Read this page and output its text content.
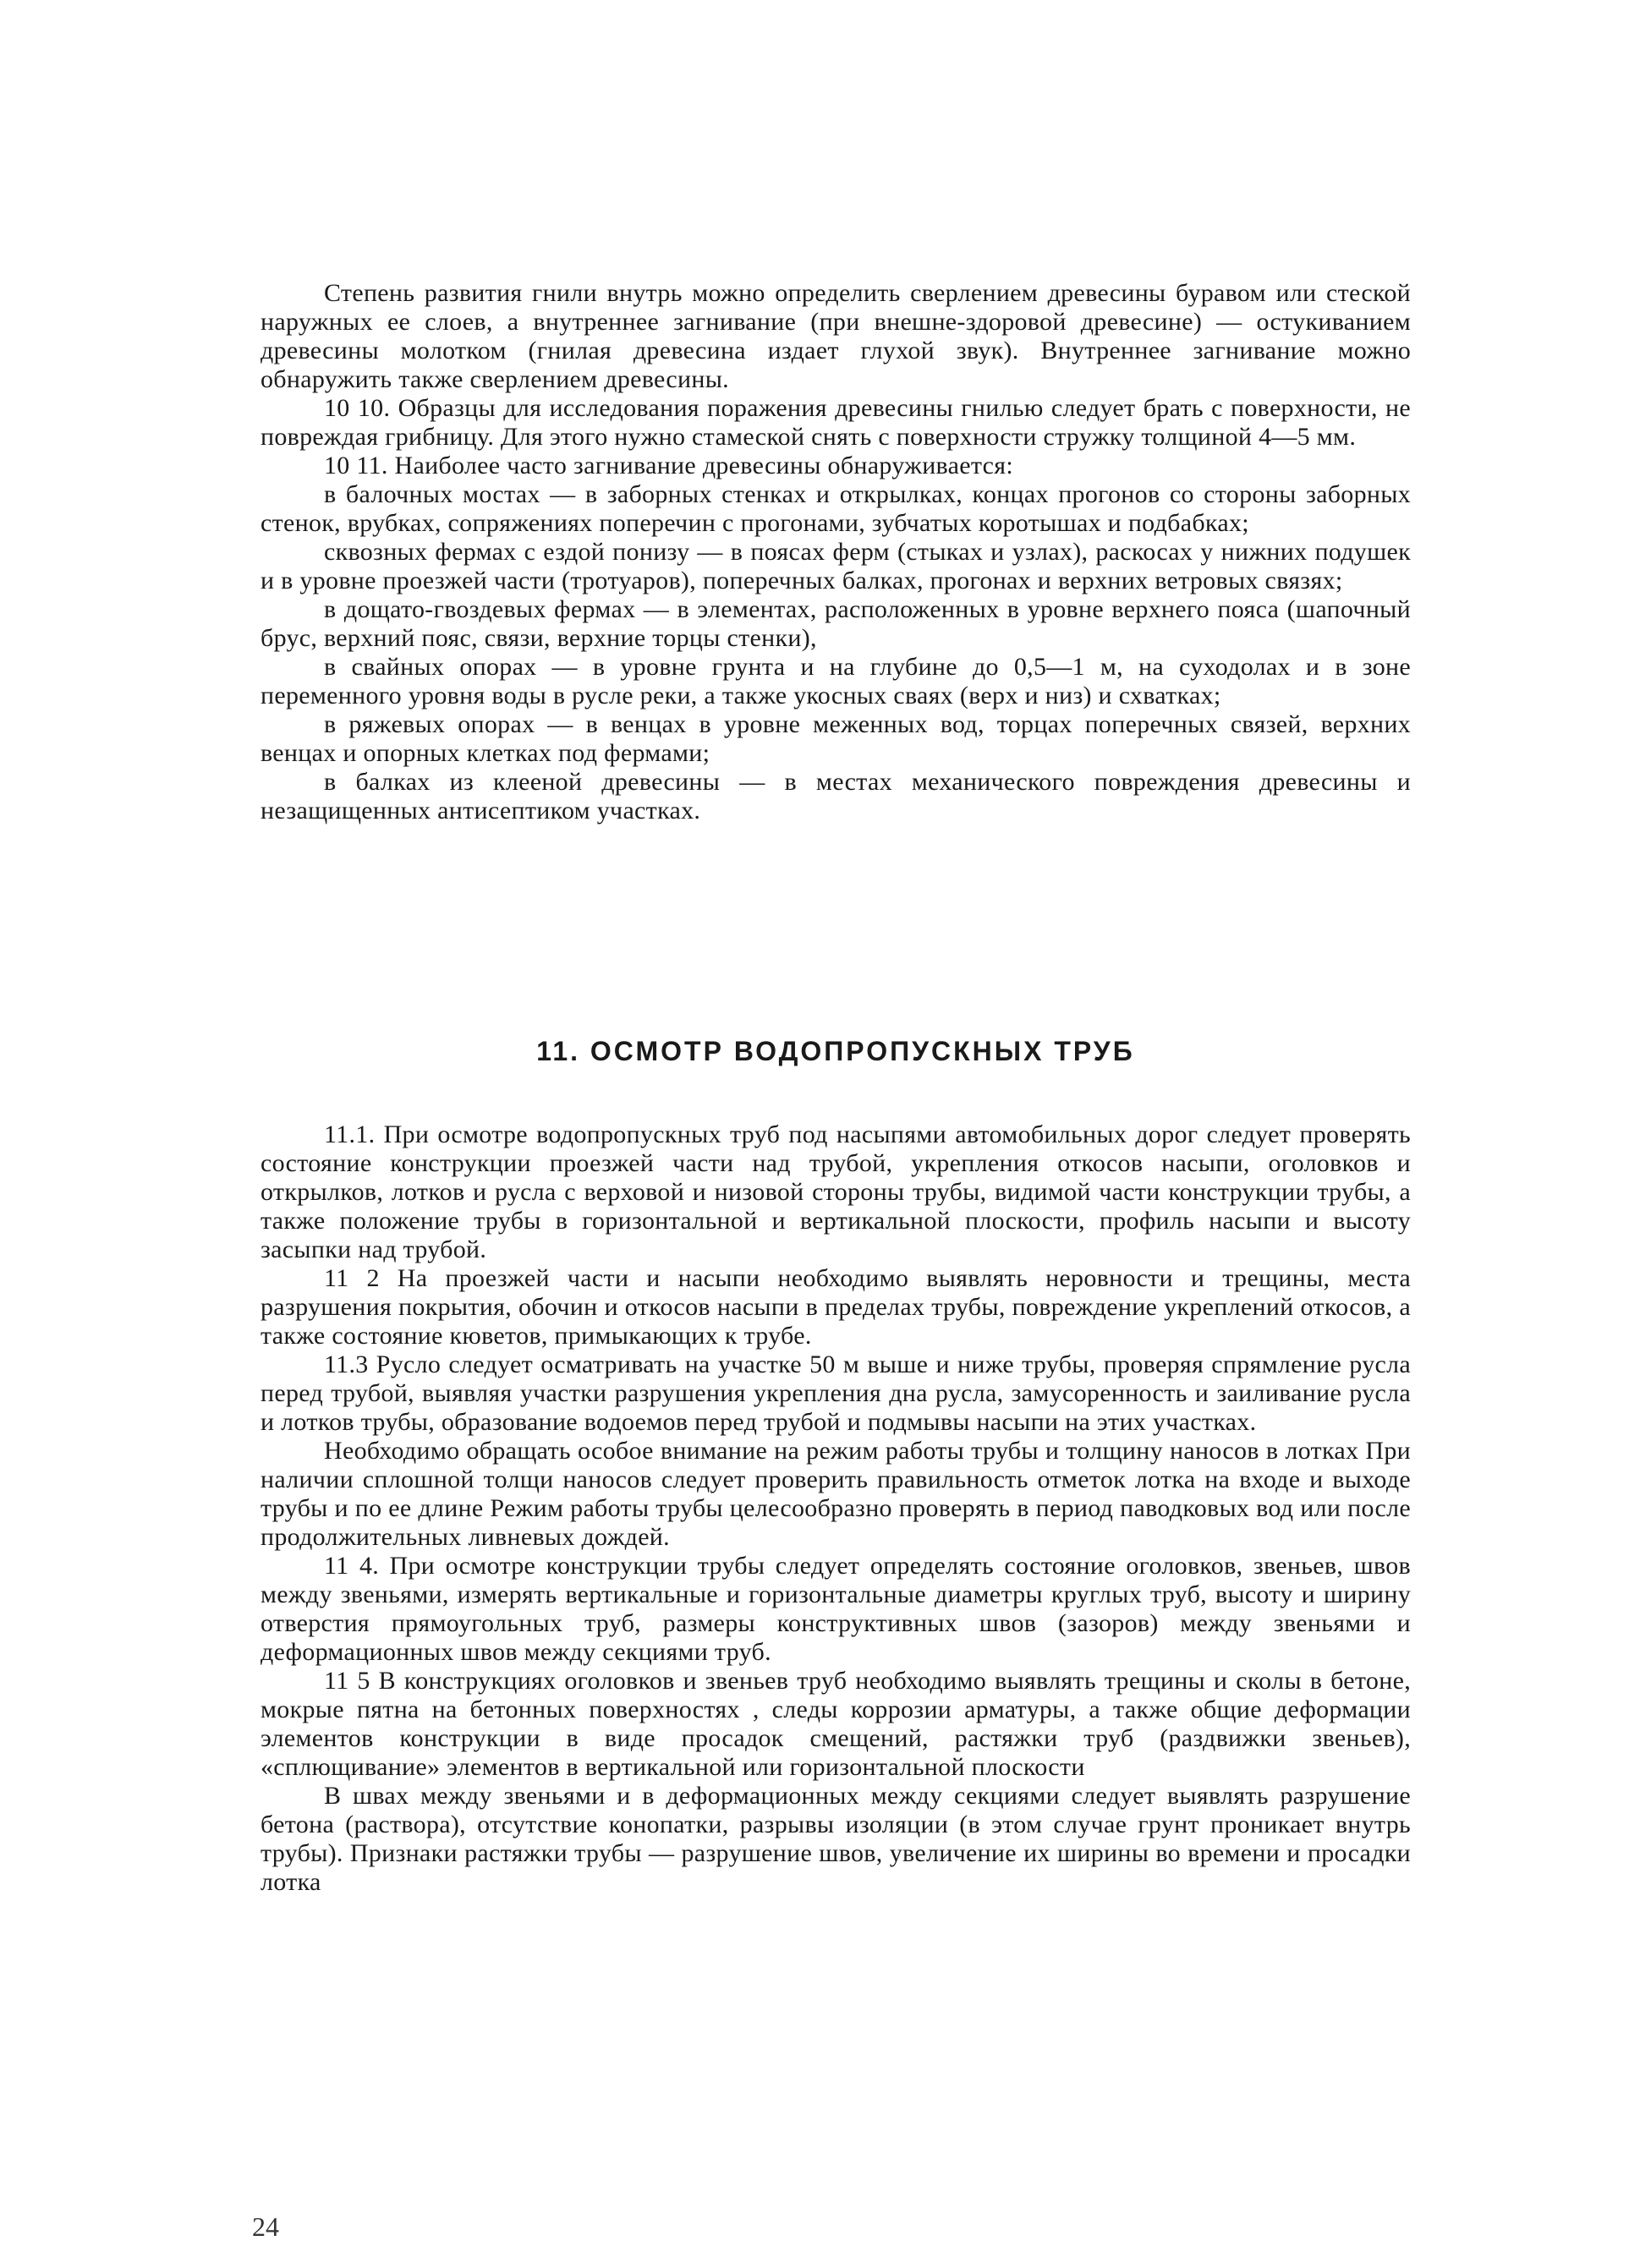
Степень развития гнили внутрь можно определить сверлением древесины буравом или стеской наружных ее слоев, а внутреннее загнивание (при внешне-здоровой древесине) — остукиванием древесины молотком (гнилая древесина издает глухой звук). Внутреннее загнивание можно обнаружить также сверлением древесины.

10 10. Образцы для исследования поражения древесины гнилью следует брать с поверхности, не повреждая грибницу. Для этого нужно стамеской снять с поверхности стружку толщиной 4—5 мм.

10 11. Наиболее часто загнивание древесины обнаруживается:

в балочных мостах — в заборных стенках и открылках, концах прогонов со стороны заборных стенок, врубках, сопряжениях поперечин с прогонами, зубчатых коротышах и подбабках;

сквозных фермах с ездой понизу — в поясах ферм (стыках и узлах), раскосах у нижних подушек и в уровне проезжей части (тротуаров), поперечных балках, прогонах и верхних ветровых связях;

в дощато-гвоздевых фермах — в элементах, расположенных в уровне верхнего пояса (шапочный брус, верхний пояс, связи, верхние торцы стенки),

в свайных опорах — в уровне грунта и на глубине до 0,5—1 м, на суходолах и в зоне переменного уровня воды в русле реки, а также укосных сваях (верх и низ) и схватках;

в ряжевых опорах — в венцах в уровне меженных вод, торцах поперечных связей, верхних венцах и опорных клетках под фермами;

в балках из клееной древесины — в местах механического повреждения древесины и незащищенных антисептиком участках.

11. ОСМОТР ВОДОПРОПУСКНЫХ ТРУБ

11.1. При осмотре водопропускных труб под насыпями автомобильных дорог следует проверять состояние конструкции проезжей части над трубой, укрепления откосов насыпи, оголовков и открылков, лотков и русла с верховой и низовой стороны трубы, видимой части конструкции трубы, а также положение трубы в горизонтальной и вертикальной плоскости, профиль насыпи и высоту засыпки над трубой.

11 2 На проезжей части и насыпи необходимо выявлять неровности и трещины, места разрушения покрытия, обочин и откосов насыпи в пределах трубы, повреждение укреплений откосов, а также состояние кюветов, примыкающих к трубе.

11.3 Русло следует осматривать на участке 50 м выше и ниже трубы, проверяя спрямление русла перед трубой, выявляя участки разрушения укрепления дна русла, замусоренность и заиливание русла и лотков трубы, образование водоемов перед трубой и подмывы насыпи на этих участках.

Необходимо обращать особое внимание на режим работы трубы и толщину наносов в лотках При наличии сплошной толщи наносов следует проверить правильность отметок лотка на входе и выходе трубы и по ее длине Режим работы трубы целесообразно проверять в период паводковых вод или после продолжительных ливневых дождей.

11 4. При осмотре конструкции трубы следует определять состояние оголовков, звеньев, швов между звеньями, измерять вертикальные и горизонтальные диаметры круглых труб, высоту и ширину отверстия прямоугольных труб, размеры конструктивных швов (зазоров) между звеньями и деформационных швов между секциями труб.

11 5 В конструкциях оголовков и звеньев труб необходимо выявлять трещины и сколы в бетоне, мокрые пятна на бетонных поверхностях , следы коррозии арматуры, а также общие деформации элементов конструкции в виде просадок смещений, растяжки труб (раздвижки звеньев), «сплющивание» элементов в вертикальной или горизонтальной плоскости

В швах между звеньями и в деформационных между секциями следует выявлять разрушение бетона (раствора), отсутствие конопатки, разрывы изоляции (в этом случае грунт проникает внутрь трубы). Признаки растяжки трубы — разрушение швов, увеличение их ширины во времени и просадки лотка

24
